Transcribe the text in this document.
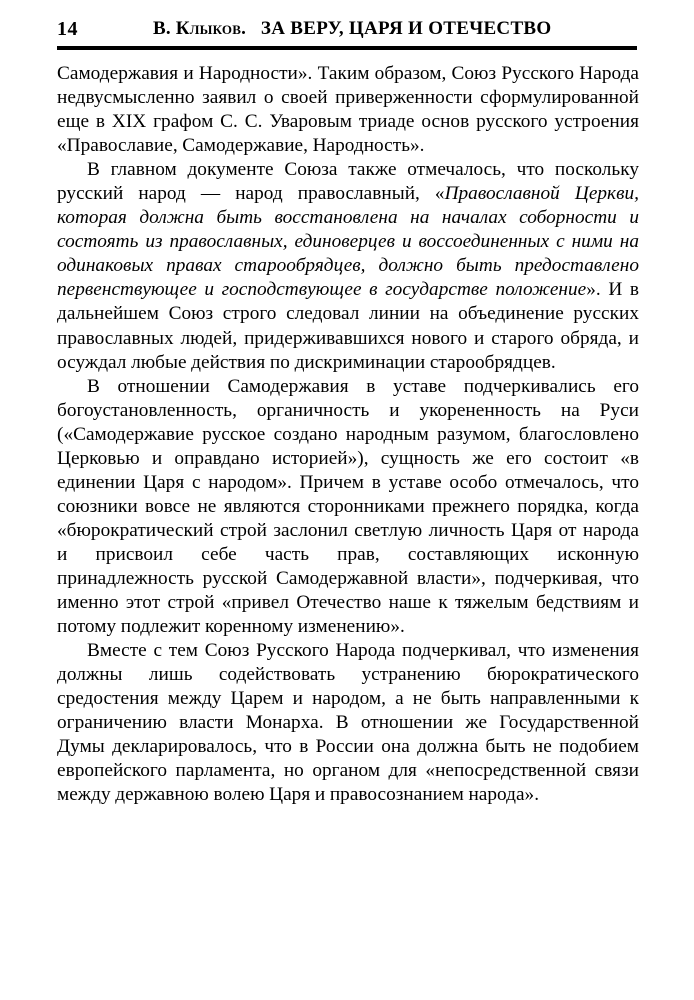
14	В. Клыков. ЗА ВЕРУ, ЦАРЯ И ОТЕЧЕСТВО

Самодержавия и Народности». Таким образом, Союз Русского Народа недвусмысленно заявил о своей приверженности сформулированной еще в XIX графом С. С. Уваровым триаде основ русского устроения «Православие, Самодержавие, Народность».

В главном документе Союза также отмечалось, что поскольку русский народ — народ православный, «Православной Церкви, которая должна быть восстановлена на началах соборности и состоять из православных, единоверцев и воссоединенных с ними на одинаковых правах старообрядцев, должно быть предоставлено первенствующее и господствующее в государстве положение». И в дальнейшем Союз строго следовал линии на объединение русских православных людей, придерживавшихся нового и старого обряда, и осуждал любые действия по дискриминации старообрядцев.

В отношении Самодержавия в уставе подчеркивались его богоустановленность, органичность и укорененность на Руси («Самодержавие русское создано народным разумом, благословлено Церковью и оправдано историей»), сущность же его состоит «в единении Царя с народом». Причем в уставе особо отмечалось, что союзники вовсе не являются сторонниками прежнего порядка, когда «бюрократический строй заслонил светлую личность Царя от народа и присвоил себе часть прав, составляющих исконную принадлежность русской Самодержавной власти», подчеркивая, что именно этот строй «привел Отечество наше к тяжелым бедствиям и потому подлежит коренному изменению».

Вместе с тем Союз Русского Народа подчеркивал, что изменения должны лишь содействовать устранению бюрократического средостения между Царем и народом, а не быть направленными к ограничению власти Монарха. В отношении же Государственной Думы декларировалось, что в России она должна быть не подобием европейского парламента, но органом для «непосредственной связи между державною волею Царя и правосознанием народа».
